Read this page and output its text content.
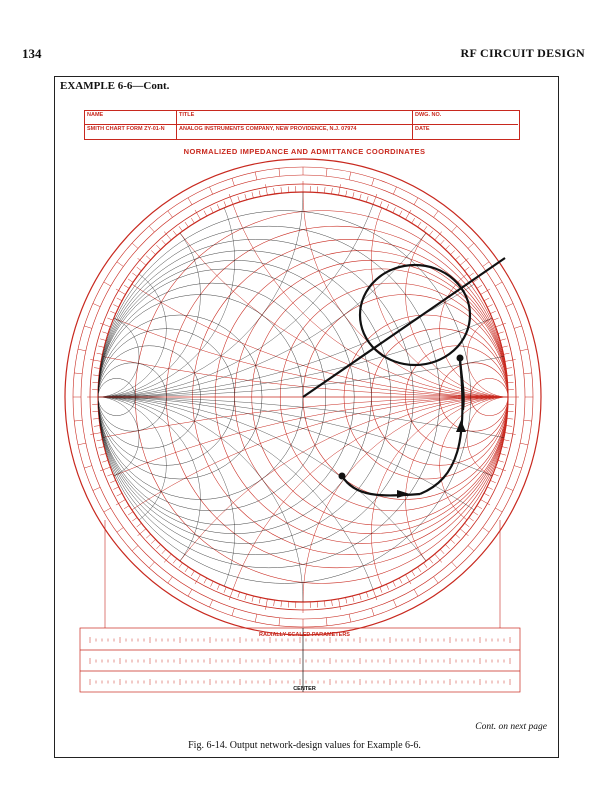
134	RF CIRCUIT DESIGN
EXAMPLE 6-6—Cont.
NAME	TITLE	DWG. NO.
SMITH CHART FORM ZY-01-N	ANALOG INSTRUMENTS COMPANY, NEW PROVIDENCE, N.J. 07974	DATE
NORMALIZED IMPEDANCE AND ADMITTANCE COORDINATES
RADIALLY SCALED PARAMETERS
CENTER
Cont. on next page
Fig. 6-14. Output network-design values for Example 6-6.
